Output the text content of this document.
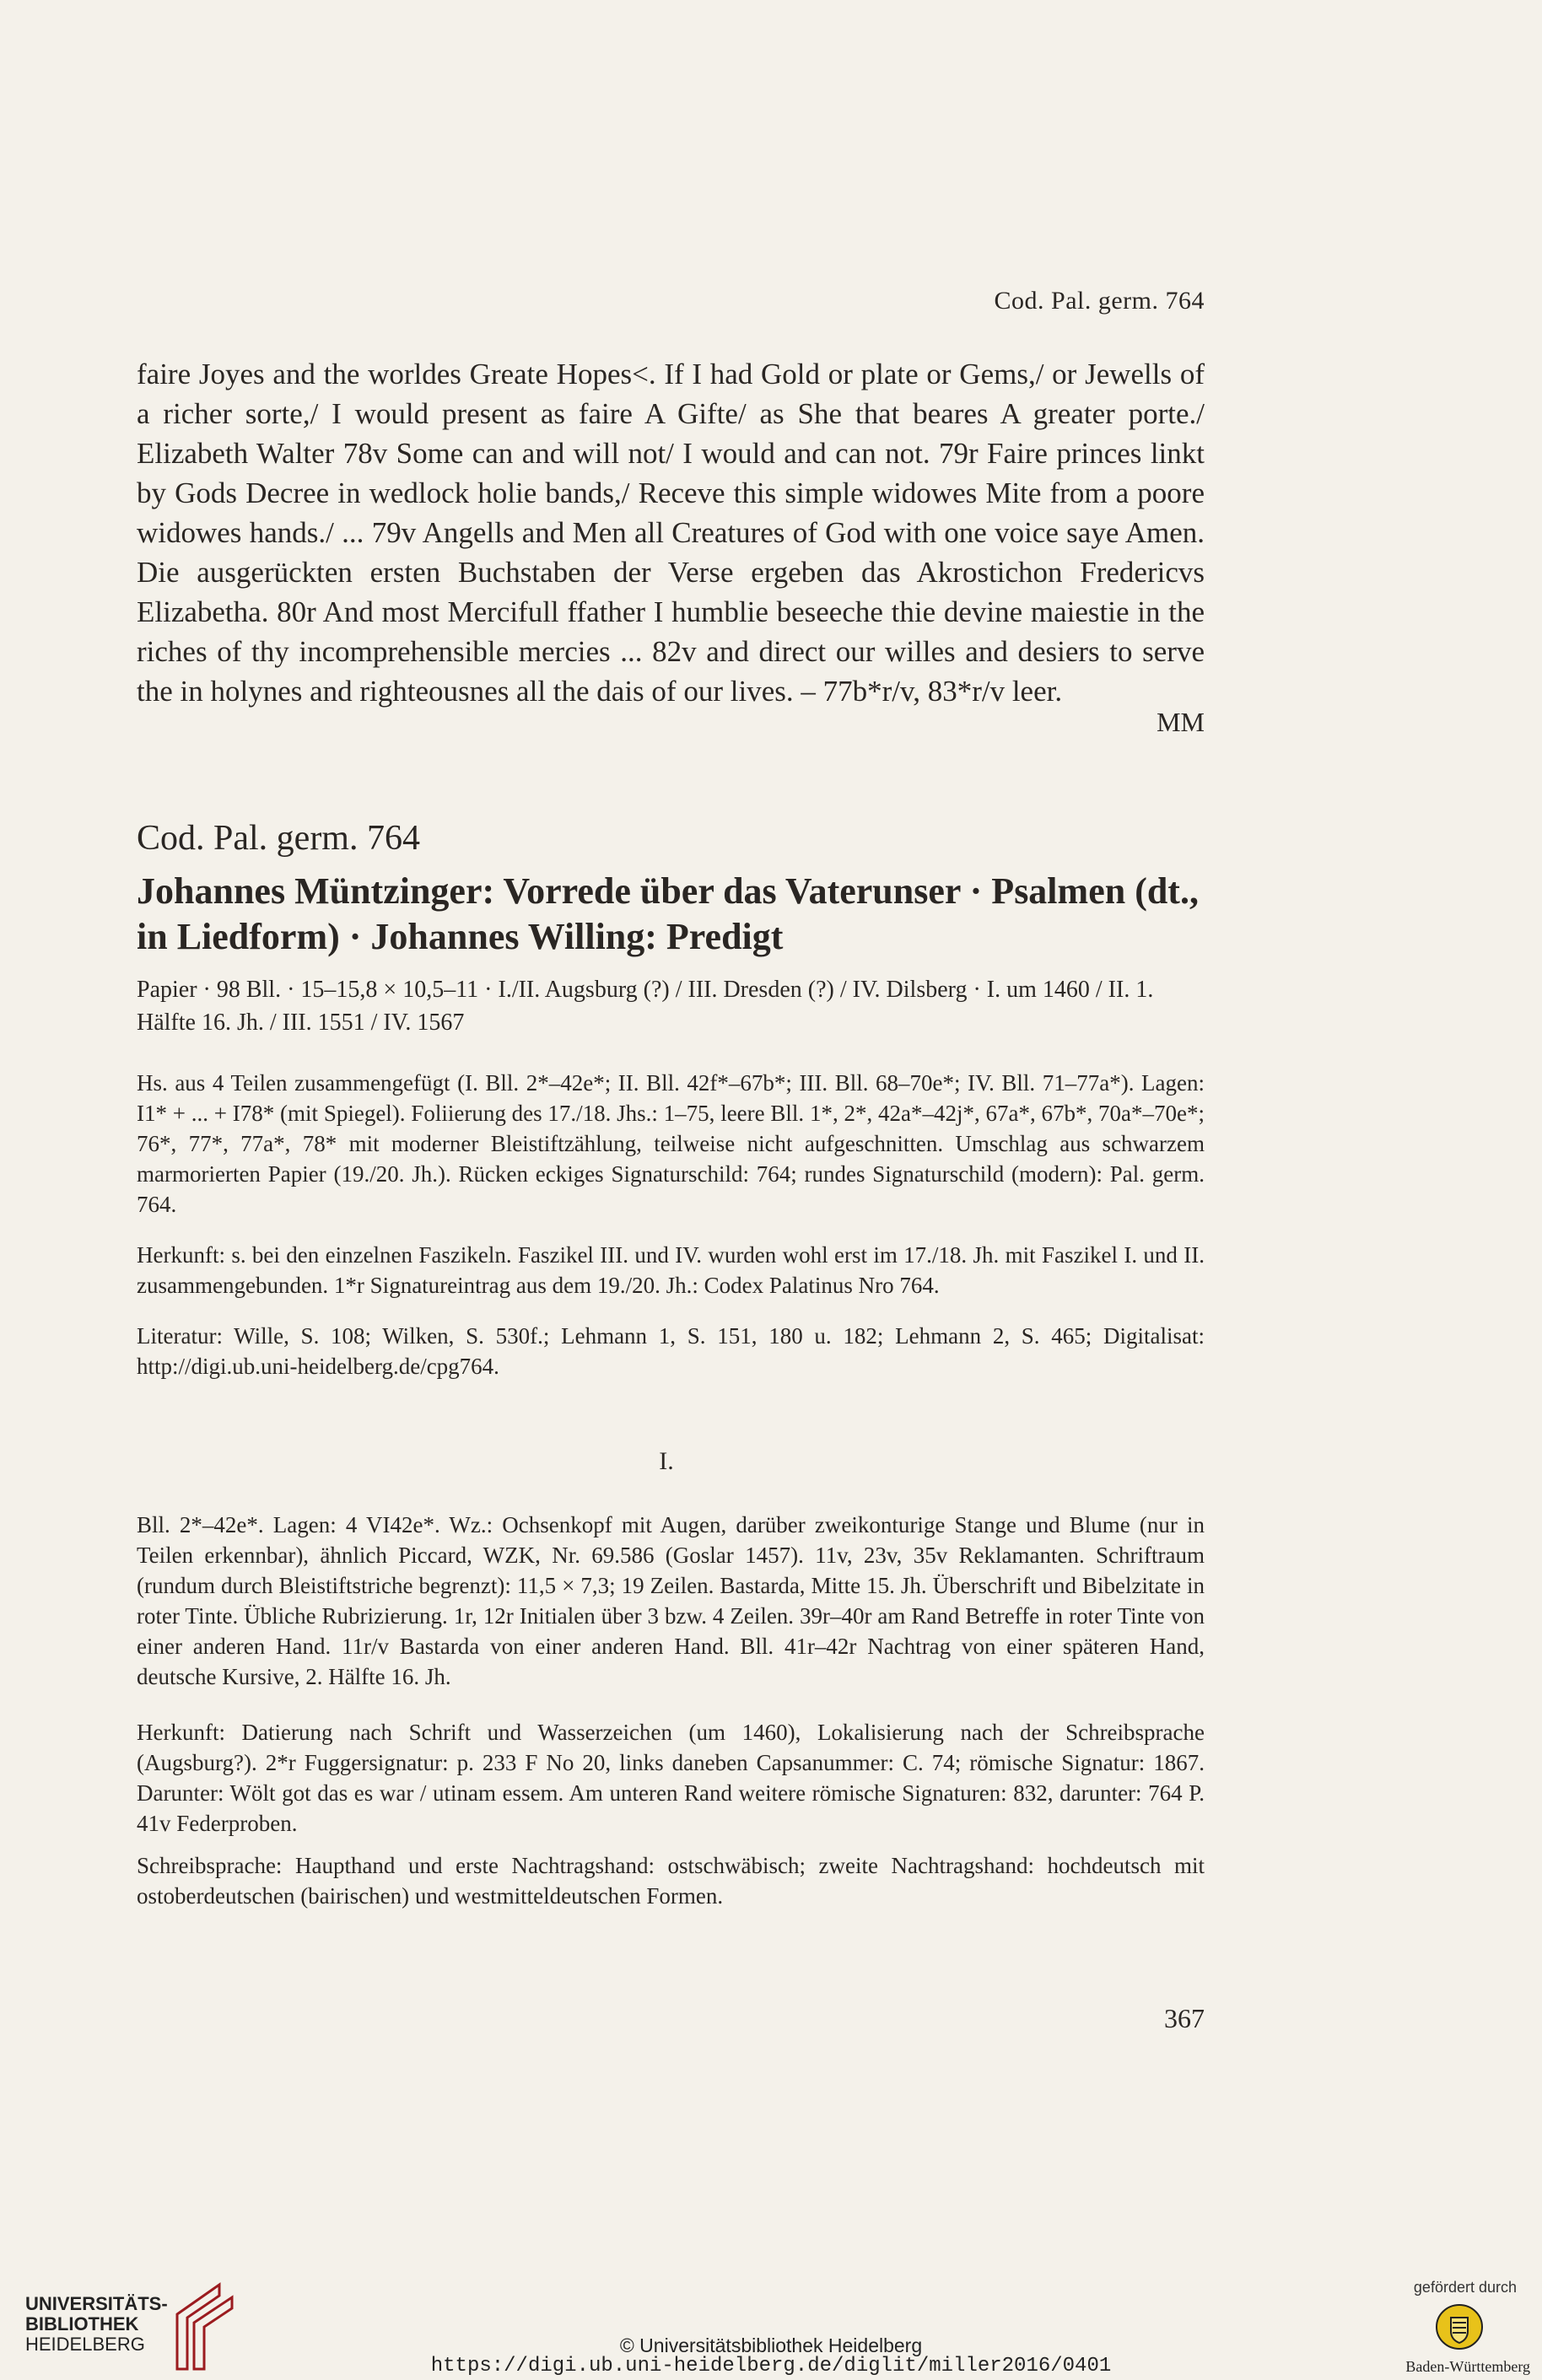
Cod. Pal. germ. 764
faire Joyes and the worldes Greate Hopes<. If I had Gold or plate or Gems,/ or Jewells of a richer sorte,/ I would present as faire A Gifte/ as She that beares A greater porte./ Elizabeth Walter 78v Some can and will not/ I would and can not. 79r Faire princes linkt by Gods Decree in wedlock holie bands,/ Receve this simple widowes Mite from a poore widowes hands./ ... 79v Angells and Men all Creatures of God with one voice saye Amen. Die ausgerückten ersten Buchstaben der Verse ergeben das Akrostichon Fredericvs Elizabetha. 80r And most Mercifull ffather I humblie beseeche thie devine maiestie in the riches of thy incomprehensible mercies ... 82v and direct our willes and desiers to serve the in holynes and righteousnes all the dais of our lives. – 77b*r/v, 83*r/v leer.
MM
Cod. Pal. germ. 764
Johannes Müntzinger: Vorrede über das Vaterunser · Psalmen (dt., in Liedform) · Johannes Willing: Predigt
Papier · 98 Bll. · 15–15,8 × 10,5–11 · I./II. Augsburg (?) / III. Dresden (?) / IV. Dilsberg · I. um 1460 / II. 1. Hälfte 16. Jh. / III. 1551 / IV. 1567
Hs. aus 4 Teilen zusammengefügt (I. Bll. 2*–42e*; II. Bll. 42f*–67b*; III. Bll. 68–70e*; IV. Bll. 71–77a*). Lagen: I1* + ... + I78* (mit Spiegel). Foliierung des 17./18. Jhs.: 1–75, leere Bll. 1*, 2*, 42a*–42j*, 67a*, 67b*, 70a*–70e*; 76*, 77*, 77a*, 78* mit moderner Bleistiftzählung, teilweise nicht aufgeschnitten. Umschlag aus schwarzem marmorierten Papier (19./20. Jh.). Rücken eckiges Signaturschild: 764; rundes Signaturschild (modern): Pal. germ. 764.
Herkunft: s. bei den einzelnen Faszikeln. Faszikel III. und IV. wurden wohl erst im 17./18. Jh. mit Faszikel I. und II. zusammengebunden. 1*r Signatureintrag aus dem 19./20. Jh.: Codex Palatinus Nro 764.
Literatur: Wille, S. 108; Wilken, S. 530f.; Lehmann 1, S. 151, 180 u. 182; Lehmann 2, S. 465; Digitalisat: http://digi.ub.uni-heidelberg.de/cpg764.
I.
Bll. 2*–42e*. Lagen: 4 VI42e*. Wz.: Ochsenkopf mit Augen, darüber zweikonturige Stange und Blume (nur in Teilen erkennbar), ähnlich Piccard, WZK, Nr. 69.586 (Goslar 1457). 11v, 23v, 35v Reklamanten. Schriftraum (rundum durch Bleistiftstriche begrenzt): 11,5 × 7,3; 19 Zeilen. Bastarda, Mitte 15. Jh. Überschrift und Bibelzitate in roter Tinte. Übliche Rubrizierung. 1r, 12r Initialen über 3 bzw. 4 Zeilen. 39r–40r am Rand Betreffe in roter Tinte von einer anderen Hand. 11r/v Bastarda von einer anderen Hand. Bll. 41r–42r Nachtrag von einer späteren Hand, deutsche Kursive, 2. Hälfte 16. Jh.
Herkunft: Datierung nach Schrift und Wasserzeichen (um 1460), Lokalisierung nach der Schreibsprache (Augsburg?). 2*r Fuggersignatur: p. 233 F No 20, links daneben Capsanummer: C. 74; römische Signatur: 1867. Darunter: Wölt got das es war / utinam essem. Am unteren Rand weitere römische Signaturen: 832, darunter: 764 P. 41v Federproben.
Schreibsprache: Haupthand und erste Nachtragshand: ostschwäbisch; zweite Nachtragshand: hochdeutsch mit ostoberdeutschen (bairischen) und westmitteldeutschen Formen.
367
UNIVERSITÄTS-
BIBLIOTHEK
HEIDELBERG	© Universitätsbibliothek Heidelberg
https://digi.ub.uni-heidelberg.de/diglit/miller2016/0401
gefördert durch
Baden-Württemberg
